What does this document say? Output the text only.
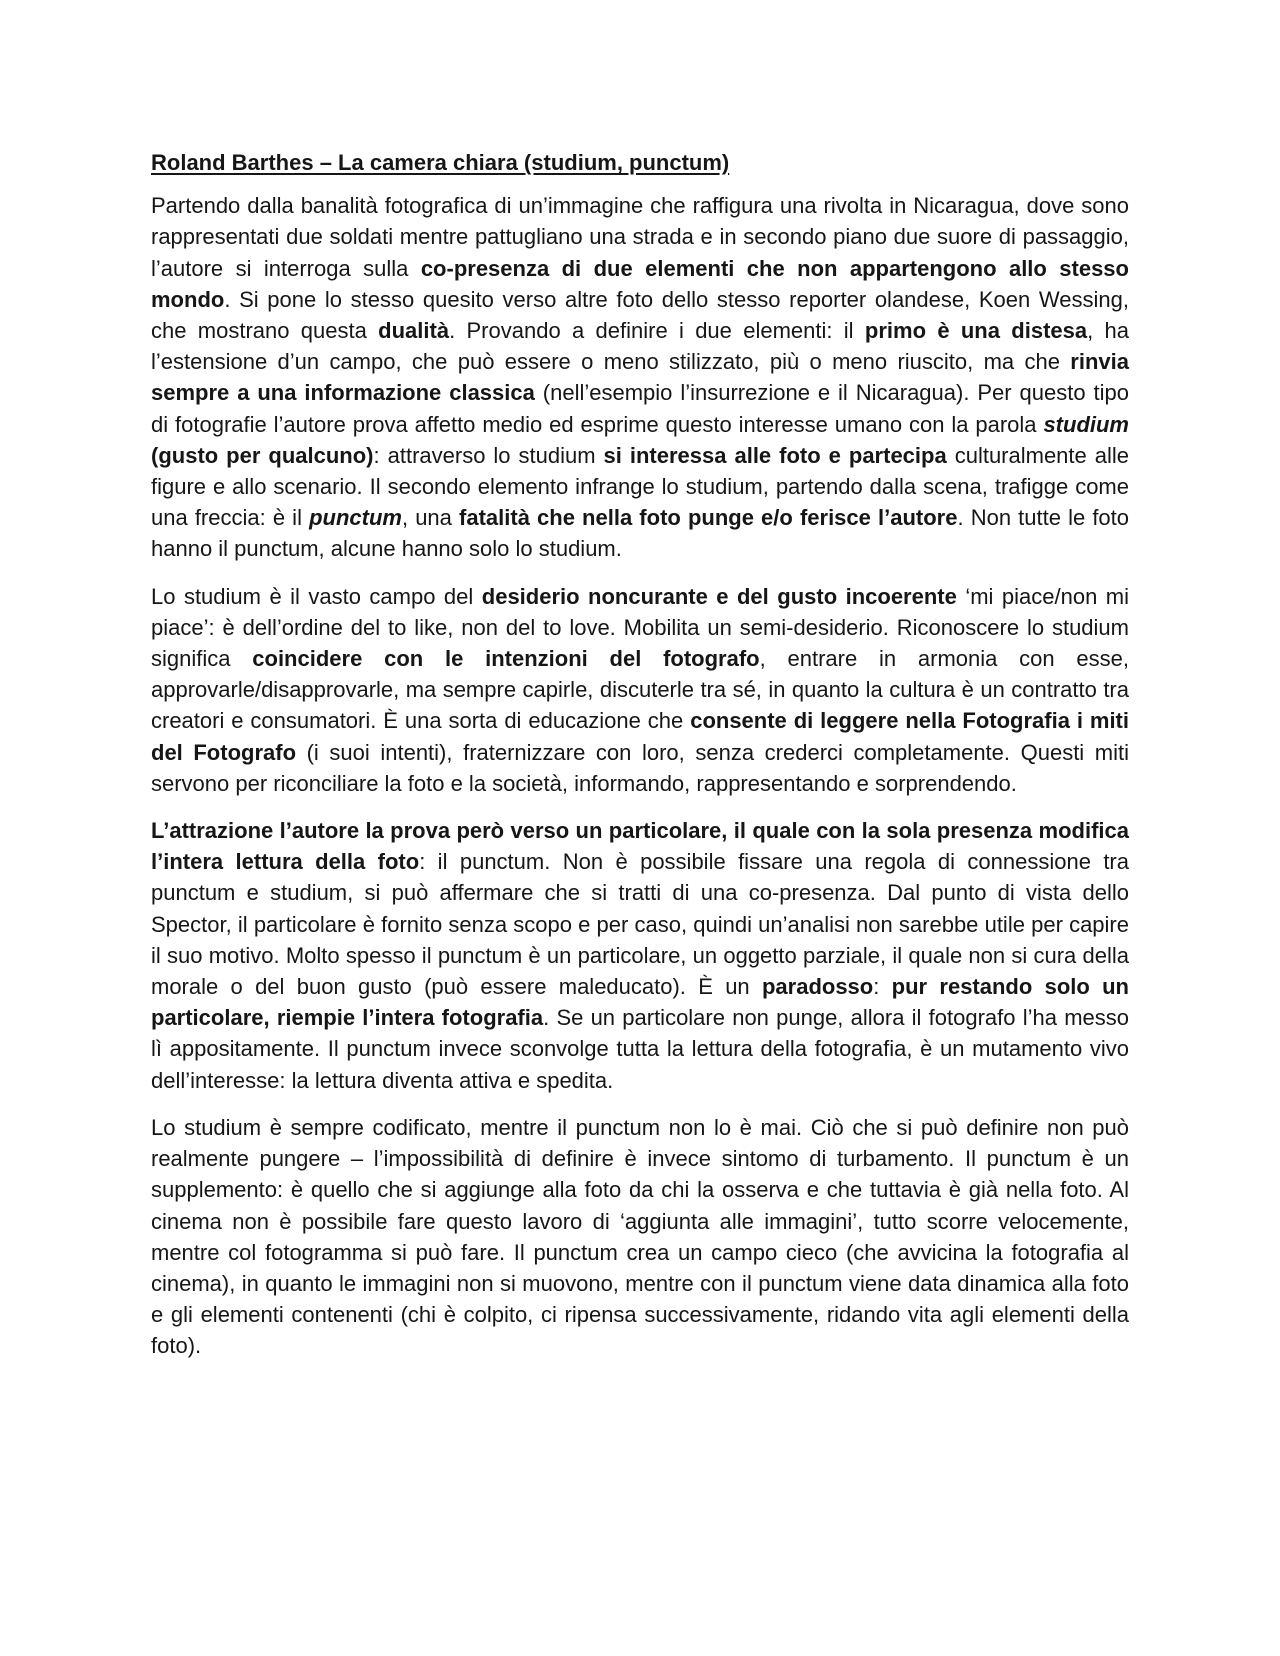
Roland Barthes – La camera chiara (studium, punctum)

Partendo dalla banalità fotografica di un’immagine che raffigura una rivolta in Nicaragua, dove sono rappresentati due soldati mentre pattugliano una strada e in secondo piano due suore di passaggio, l’autore si interroga sulla co-presenza di due elementi che non appartengono allo stesso mondo. Si pone lo stesso quesito verso altre foto dello stesso reporter olandese, Koen Wessing, che mostrano questa dualità. Provando a definire i due elementi: il primo è una distesa, ha l’estensione d’un campo, che può essere o meno stilizzato, più o meno riuscito, ma che rinvia sempre a una informazione classica (nell’esempio l’insurrezione e il Nicaragua). Per questo tipo di fotografie l’autore prova affetto medio ed esprime questo interesse umano con la parola studium (gusto per qualcuno): attraverso lo studium si interessa alle foto e partecipa culturalmente alle figure e allo scenario. Il secondo elemento infrange lo studium, partendo dalla scena, trafigge come una freccia: è il punctum, una fatalità che nella foto punge e/o ferisce l’autore. Non tutte le foto hanno il punctum, alcune hanno solo lo studium.

Lo studium è il vasto campo del desiderio noncurante e del gusto incoerente ‘mi piace/non mi piace’: è dell’ordine del to like, non del to love. Mobilita un semi-desiderio. Riconoscere lo studium significa coincidere con le intenzioni del fotografo, entrare in armonia con esse, approvarle/disapprovarle, ma sempre capirle, discuterle tra sé, in quanto la cultura è un contratto tra creatori e consumatori. È una sorta di educazione che consente di leggere nella Fotografia i miti del Fotografo (i suoi intenti), fraternizzare con loro, senza crederci completamente. Questi miti servono per riconciliare la foto e la società, informando, rappresentando e sorprendendo.

L’attrazione l’autore la prova però verso un particolare, il quale con la sola presenza modifica l’intera lettura della foto: il punctum. Non è possibile fissare una regola di connessione tra punctum e studium, si può affermare che si tratti di una co-presenza. Dal punto di vista dello Spector, il particolare è fornito senza scopo e per caso, quindi un’analisi non sarebbe utile per capire il suo motivo. Molto spesso il punctum è un particolare, un oggetto parziale, il quale non si cura della morale o del buon gusto (può essere maleducato). È un paradosso: pur restando solo un particolare, riempie l’intera fotografia. Se un particolare non punge, allora il fotografo l’ha messo lì appositamente. Il punctum invece sconvolge tutta la lettura della fotografia, è un mutamento vivo dell’interesse: la lettura diventa attiva e spedita.

Lo studium è sempre codificato, mentre il punctum non lo è mai. Ciò che si può definire non può realmente pungere – l’impossibilità di definire è invece sintomo di turbamento. Il punctum è un supplemento: è quello che si aggiunge alla foto da chi la osserva e che tuttavia è già nella foto. Al cinema non è possibile fare questo lavoro di ‘aggiunta alle immagini’, tutto scorre velocemente, mentre col fotogramma si può fare. Il punctum crea un campo cieco (che avvicina la fotografia al cinema), in quanto le immagini non si muovono, mentre con il punctum viene data dinamica alla foto e gli elementi contenenti (chi è colpito, ci ripensa successivamente, ridando vita agli elementi della foto).
